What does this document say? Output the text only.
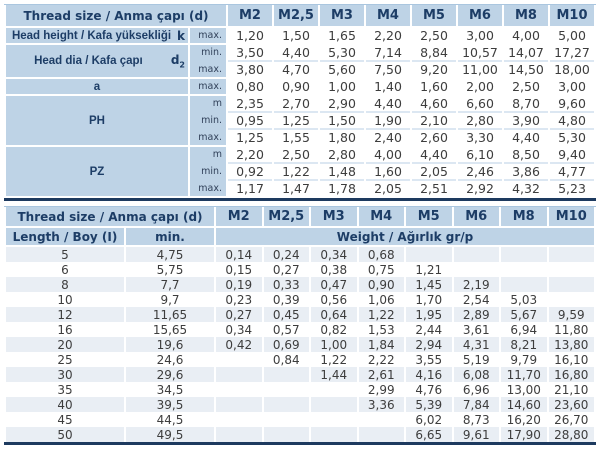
Thread size / Anma çapı (d)		M2	M2,5	M3	M4	M5	M6	M8	M10

Head height / Kafa yüksekliği k	max.	1,20	1,50	1,65	2,20	2,50	3,00	4,00	5,00

Head dia / Kafa çapı $d_2$	min.	3,50	4,40	5,30	7,14	8,84	10,57	14,07	17,27
	max.	3,80	4,70	5,60	7,50	9,20	11,00	14,50	18,00

a	max.	0,80	0,90	1,00	1,40	1,60	2,00	2,50	3,00

PH	m	2,35	2,70	2,90	4,40	4,60	6,60	8,70	9,60
	min.	0,95	1,25	1,50	1,90	2,10	2,80	3,90	4,80
	max.	1,25	1,55	1,80	2,40	2,60	3,30	4,40	5,30

PZ	m	2,20	2,50	2,80	4,00	4,40	6,10	8,50	9,40
	min.	0,92	1,22	1,48	1,60	2,05	2,46	3,86	4,77
	max.	1,17	1,47	1,78	2,05	2,51	2,92	4,32	5,23
Thread size / Anma çapı (d)		M2	M2,5	M3	M4	M5	M6	M8	M10
Length / Boy (I)	min.	Weight / Ağırlık gr/p							
5	4,75	0,14	0,24	0,34	0,68				
6	5,75	0,15	0,27	0,38	0,75	1,21			
8	7,7	0,19	0,33	0,47	0,90	1,45	2,19		
10	9,7	0,23	0,39	0,56	1,06	1,70	2,54	5,03	
12	11,65	0,27	0,45	0,64	1,22	1,95	2,89	5,67	9,59
16	15,65	0,34	0,57	0,82	1,53	2,44	3,61	6,94	11,80
20	19,6	0,42	0,69	1,00	1,84	2,94	4,31	8,21	13,80
25	24,6		0,84	1,22	2,22	3,55	5,19	9,79	16,10
30	29,6			1,44	2,61	4,16	6,08	11,70	16,80
35	34,5				2,99	4,76	6,96	13,00	21,10
40	39,5				3,36	5,39	7,84	14,60	23,60
45	44,5					6,02	8,73	16,20	26,70
50	49,5					6,65	9,61	17,90	28,80
